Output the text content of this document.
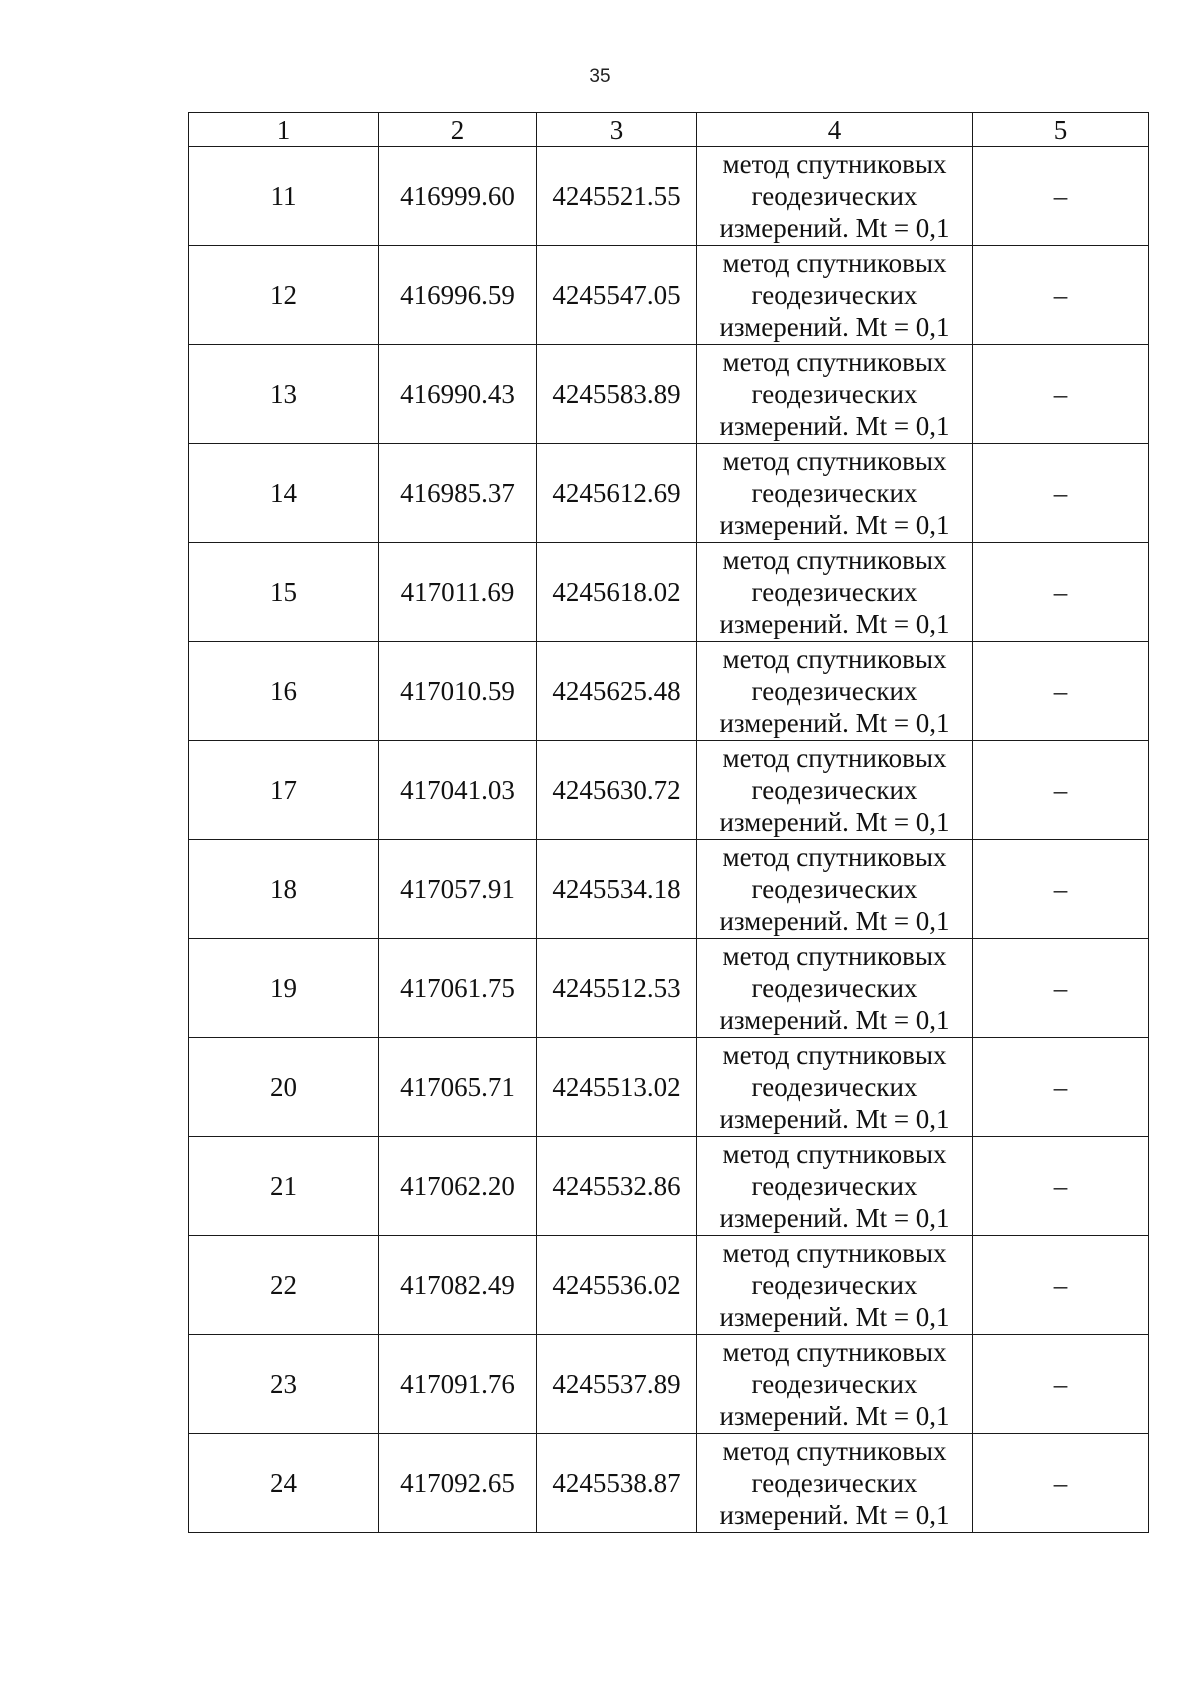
35
1	2	3	4	5
11	416999.60	4245521.55	метод спутниковых
геодезических
измерений. Mt = 0,1	–
12	416996.59	4245547.05	метод спутниковых
геодезических
измерений. Mt = 0,1	–
13	416990.43	4245583.89	метод спутниковых
геодезических
измерений. Mt = 0,1	–
14	416985.37	4245612.69	метод спутниковых
геодезических
измерений. Mt = 0,1	–
15	417011.69	4245618.02	метод спутниковых
геодезических
измерений. Mt = 0,1	–
16	417010.59	4245625.48	метод спутниковых
геодезических
измерений. Mt = 0,1	–
17	417041.03	4245630.72	метод спутниковых
геодезических
измерений. Mt = 0,1	–
18	417057.91	4245534.18	метод спутниковых
геодезических
измерений. Mt = 0,1	–
19	417061.75	4245512.53	метод спутниковых
геодезических
измерений. Mt = 0,1	–
20	417065.71	4245513.02	метод спутниковых
геодезических
измерений. Mt = 0,1	–
21	417062.20	4245532.86	метод спутниковых
геодезических
измерений. Mt = 0,1	–
22	417082.49	4245536.02	метод спутниковых
геодезических
измерений. Mt = 0,1	–
23	417091.76	4245537.89	метод спутниковых
геодезических
измерений. Mt = 0,1	–
24	417092.65	4245538.87	метод спутниковых
геодезических
измерений. Mt = 0,1	–
